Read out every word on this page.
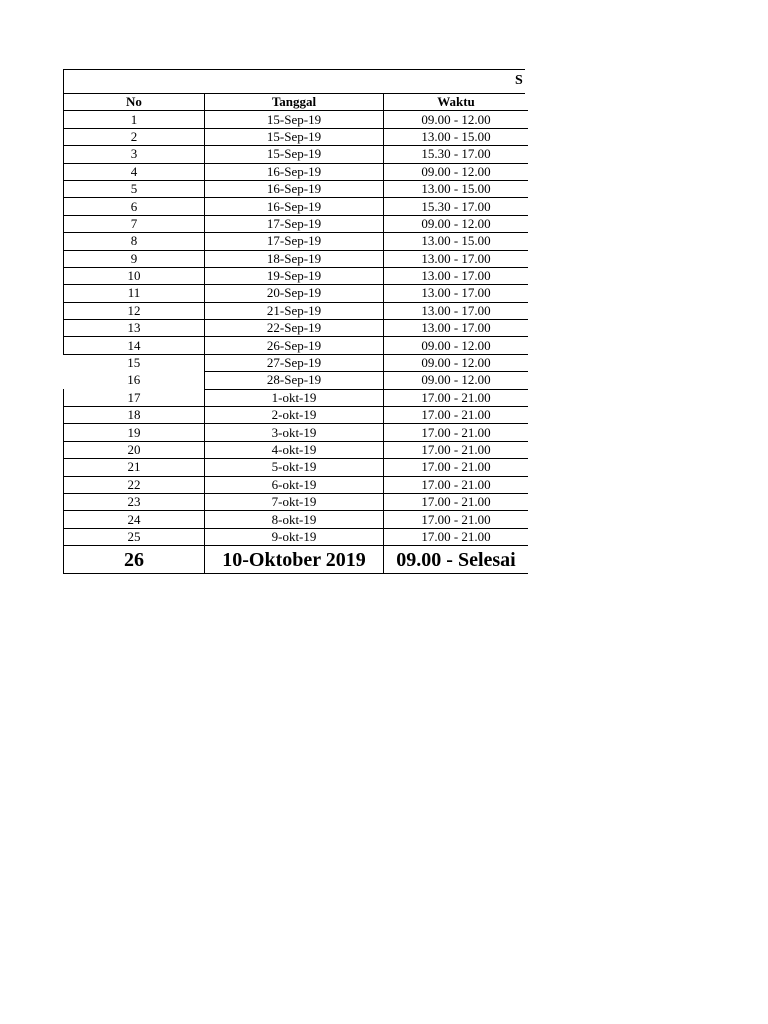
S
No	Tanggal	Waktu
1	15-Sep-19	09.00 - 12.00
2	15-Sep-19	13.00 - 15.00
3	15-Sep-19	15.30 - 17.00
4	16-Sep-19	09.00 - 12.00
5	16-Sep-19	13.00 - 15.00
6	16-Sep-19	15.30 - 17.00
7	17-Sep-19	09.00 - 12.00
8	17-Sep-19	13.00 - 15.00
9	18-Sep-19	13.00 - 17.00
10	19-Sep-19	13.00 - 17.00
11	20-Sep-19	13.00 - 17.00
12	21-Sep-19	13.00 - 17.00
13	22-Sep-19	13.00 - 17.00
14	26-Sep-19	09.00 - 12.00
15	27-Sep-19	09.00 - 12.00
16	28-Sep-19	09.00 - 12.00
17	1-okt-19	17.00 - 21.00
18	2-okt-19	17.00 - 21.00
19	3-okt-19	17.00 - 21.00
20	4-okt-19	17.00 - 21.00
21	5-okt-19	17.00 - 21.00
22	6-okt-19	17.00 - 21.00
23	7-okt-19	17.00 - 21.00
24	8-okt-19	17.00 - 21.00
25	9-okt-19	17.00 - 21.00
26	10-Oktober 2019	09.00 - Selesai
